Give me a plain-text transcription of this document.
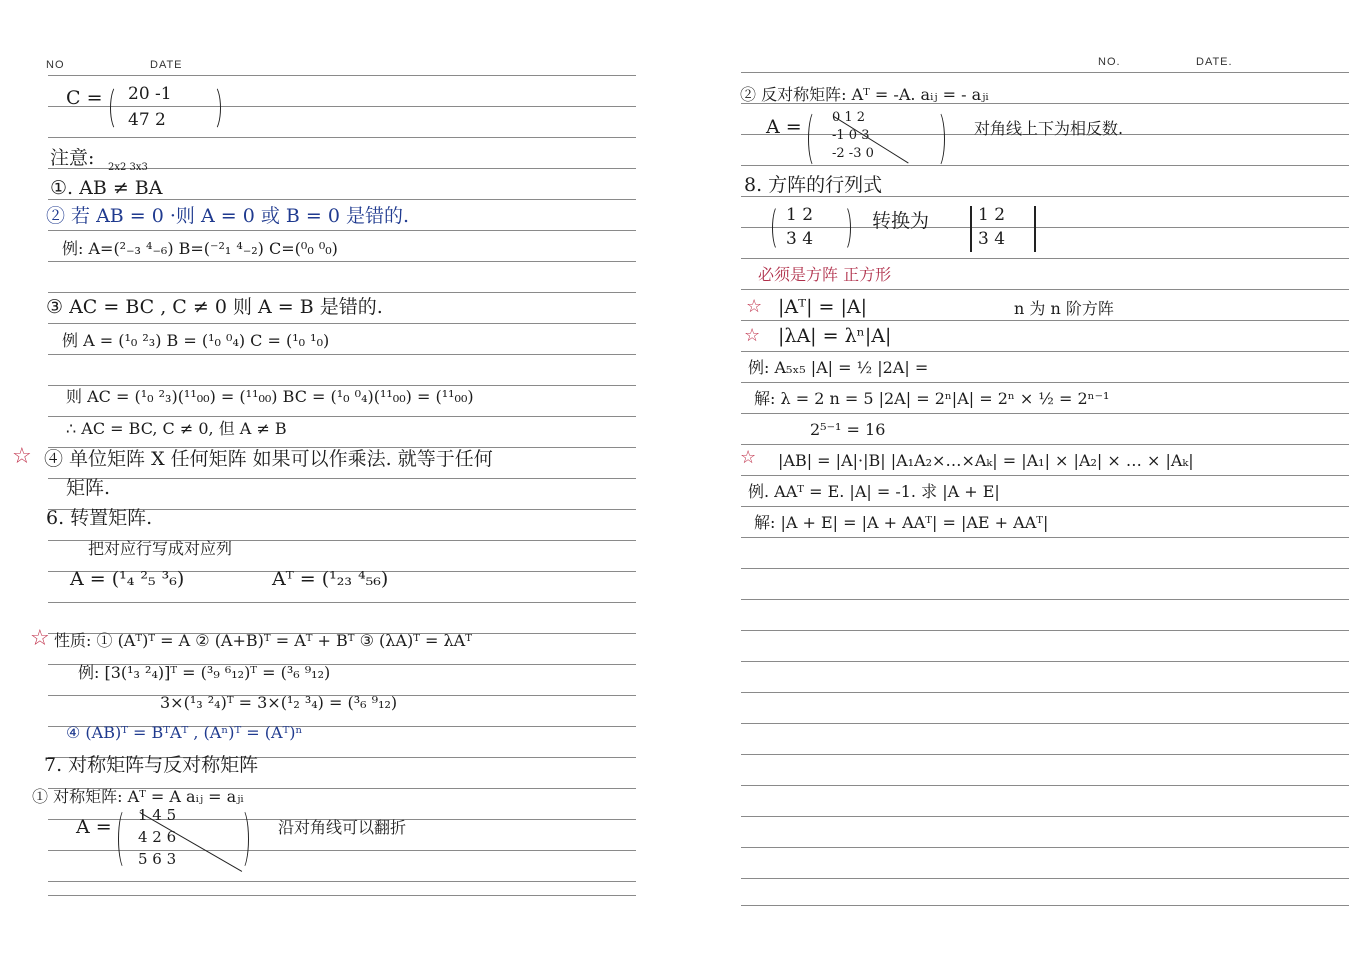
NO	DATE
C = 20 -1
47 2
注意: 2x2 3x3
①. AB ≠ BA
② 若 AB = 0 ·则 A = 0 或 B = 0 是错的.
例: A=(²₋₃ ⁴₋₆) B=(⁻²₁ ⁴₋₂) C=(⁰₀ ⁰₀)
③ AC = BC , C ≠ 0 则 A = B 是错的.
例 A = (¹₀ ²₃) B = (¹₀ ⁰₄) C = (¹₀ ¹₀)
则 AC = (¹₀ ²₃)(¹¹₀₀) = (¹¹₀₀) BC = (¹₀ ⁰₄)(¹¹₀₀) = (¹¹₀₀)
∴ AC = BC, C ≠ 0, 但 A ≠ B
☆ ④ 单位矩阵 X 任何矩阵 如果可以作乘法. 就等于任何
矩阵.
6. 转置矩阵.
把对应行写成对应列
A = (¹₄ ²₅ ³₆)	Aᵀ = (¹₂₃ ⁴₅₆)
☆ 性质: ① (Aᵀ)ᵀ = A ② (A+B)ᵀ = Aᵀ + Bᵀ ③ (λA)ᵀ = λAᵀ
例: [3(¹₃ ²₄)]ᵀ = (³₉ ⁶₁₂)ᵀ = (³₆ ⁹₁₂)
3×(¹₃ ²₄)ᵀ = 3×(¹₂ ³₄) = (³₆ ⁹₁₂)
④ (AB)ᵀ = BᵀAᵀ , (Aⁿ)ᵀ = (Aᵀ)ⁿ
7. 对称矩阵与反对称矩阵
① 对称矩阵: Aᵀ = A aᵢⱼ = aⱼᵢ
A =
1 4 5
4 2 6
5 6 3
沿对角线可以翻折
NO.	DATE.
② 反对称矩阵: Aᵀ = -A. aᵢⱼ = - aⱼᵢ
A = 0 1 2
-1 0 3
-2 -3 0
对角线上下为相反数.
8. 方阵的行列式
1 2
3 4
转换为	1 2
3 4
必须是方阵 正方形
☆ |Aᵀ| = |A|	n 为 n 阶方阵
☆ |λA| = λⁿ|A|
例: A₅ₓ₅ |A| = ½ |2A| =
解: λ = 2 n = 5 |2A| = 2ⁿ|A| = 2ⁿ × ½ = 2ⁿ⁻¹
2⁵⁻¹ = 16
☆ |AB| = |A|·|B| |A₁A₂×…×Aₖ| = |A₁| × |A₂| × … × |Aₖ|
例. AAᵀ = E. |A| = -1. 求 |A + E|
解: |A + E| = |A + AAᵀ| = |AE + AAᵀ|
